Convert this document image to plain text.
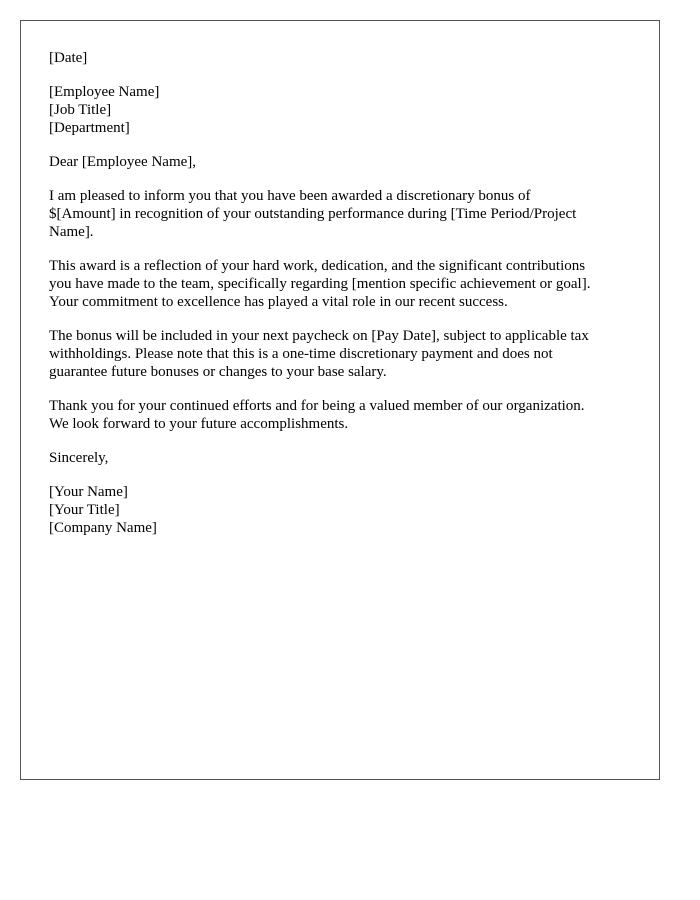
[Date]
[Employee Name]
[Job Title]
[Department]
Dear [Employee Name],

I am pleased to inform you that you have been awarded a discretionary bonus of
$[Amount] in recognition of your outstanding performance during [Time Period/Project
Name].

This award is a reflection of your hard work, dedication, and the significant contributions
you have made to the team, specifically regarding [mention specific achievement or goal].
Your commitment to excellence has played a vital role in our recent success.

The bonus will be included in your next paycheck on [Pay Date], subject to applicable tax
withholdings. Please note that this is a one-time discretionary payment and does not
guarantee future bonuses or changes to your base salary.

Thank you for your continued efforts and for being a valued member of our organization.
We look forward to your future accomplishments.

Sincerely,
[Your Name]
[Your Title]
[Company Name]
